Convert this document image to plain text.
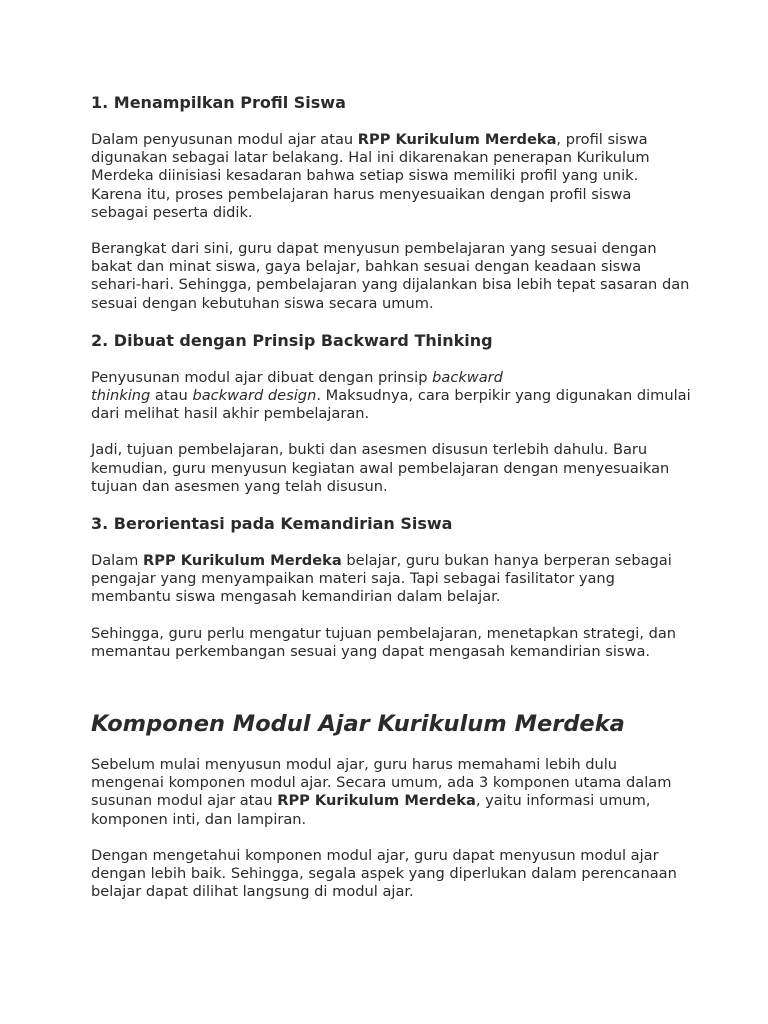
1. Menampilkan Profil Siswa

Dalam penyusunan modul ajar atau RPP Kurikulum Merdeka, profil siswa digunakan sebagai latar belakang. Hal ini dikarenakan penerapan Kurikulum Merdeka diinisiasi kesadaran bahwa setiap siswa memiliki profil yang unik. Karena itu, proses pembelajaran harus menyesuaikan dengan profil siswa sebagai peserta didik.

Berangkat dari sini, guru dapat menyusun pembelajaran yang sesuai dengan bakat dan minat siswa, gaya belajar, bahkan sesuai dengan keadaan siswa sehari-hari. Sehingga, pembelajaran yang dijalankan bisa lebih tepat sasaran dan sesuai dengan kebutuhan siswa secara umum.

2. Dibuat dengan Prinsip Backward Thinking

Penyusunan modul ajar dibuat dengan prinsip backward
thinking atau backward design. Maksudnya, cara berpikir yang digunakan dimulai dari melihat hasil akhir pembelajaran.

Jadi, tujuan pembelajaran, bukti dan asesmen disusun terlebih dahulu. Baru kemudian, guru menyusun kegiatan awal pembelajaran dengan menyesuaikan tujuan dan asesmen yang telah disusun.

3. Berorientasi pada Kemandirian Siswa

Dalam RPP Kurikulum Merdeka belajar, guru bukan hanya berperan sebagai pengajar yang menyampaikan materi saja. Tapi sebagai fasilitator yang membantu siswa mengasah kemandirian dalam belajar.

Sehingga, guru perlu mengatur tujuan pembelajaran, menetapkan strategi, dan memantau perkembangan sesuai yang dapat mengasah kemandirian siswa.

Komponen Modul Ajar Kurikulum Merdeka

Sebelum mulai menyusun modul ajar, guru harus memahami lebih dulu mengenai komponen modul ajar. Secara umum, ada 3 komponen utama dalam susunan modul ajar atau RPP Kurikulum Merdeka, yaitu informasi umum, komponen inti, dan lampiran.

Dengan mengetahui komponen modul ajar, guru dapat menyusun modul ajar dengan lebih baik. Sehingga, segala aspek yang diperlukan dalam perencanaan belajar dapat dilihat langsung di modul ajar.
